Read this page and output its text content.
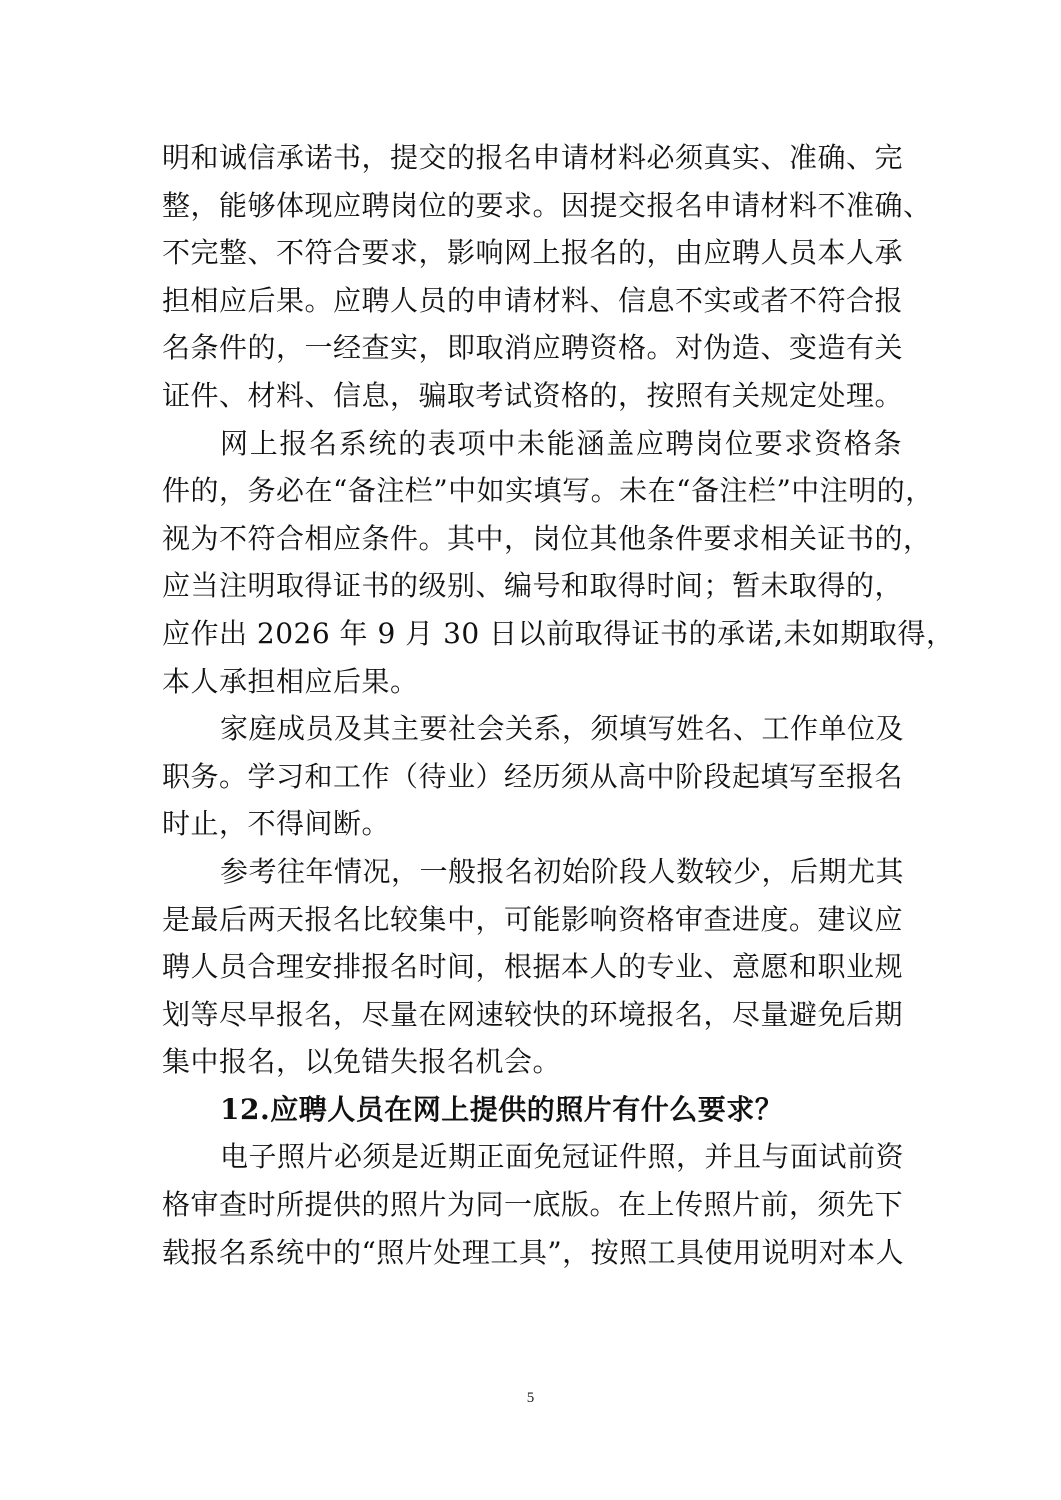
明和诚信承诺书，提交的报名申请材料必须真实、准确、完
整，能够体现应聘岗位的要求。因提交报名申请材料不准确、
不完整、不符合要求，影响网上报名的，由应聘人员本人承
担相应后果。应聘人员的申请材料、信息不实或者不符合报
名条件的，一经查实，即取消应聘资格。对伪造、变造有关
证件、材料、信息，骗取考试资格的，按照有关规定处理。
网上报名系统的表项中未能涵盖应聘岗位要求资格条
件的，务必在“备注栏”中如实填写。未在“备注栏”中注明的，
视为不符合相应条件。其中，岗位其他条件要求相关证书的，
应当注明取得证书的级别、编号和取得时间；暂未取得的，
应作出 2026 年 9 月 30 日以前取得证书的承诺,未如期取得，
本人承担相应后果。
家庭成员及其主要社会关系，须填写姓名、工作单位及
职务。学习和工作（待业）经历须从高中阶段起填写至报名
时止，不得间断。
参考往年情况，一般报名初始阶段人数较少，后期尤其
是最后两天报名比较集中，可能影响资格审查进度。建议应
聘人员合理安排报名时间，根据本人的专业、意愿和职业规
划等尽早报名，尽量在网速较快的环境报名，尽量避免后期
集中报名，以免错失报名机会。
12.应聘人员在网上提供的照片有什么要求？
电子照片必须是近期正面免冠证件照，并且与面试前资
格审查时所提供的照片为同一底版。在上传照片前，须先下
载报名系统中的“照片处理工具”，按照工具使用说明对本人
5
